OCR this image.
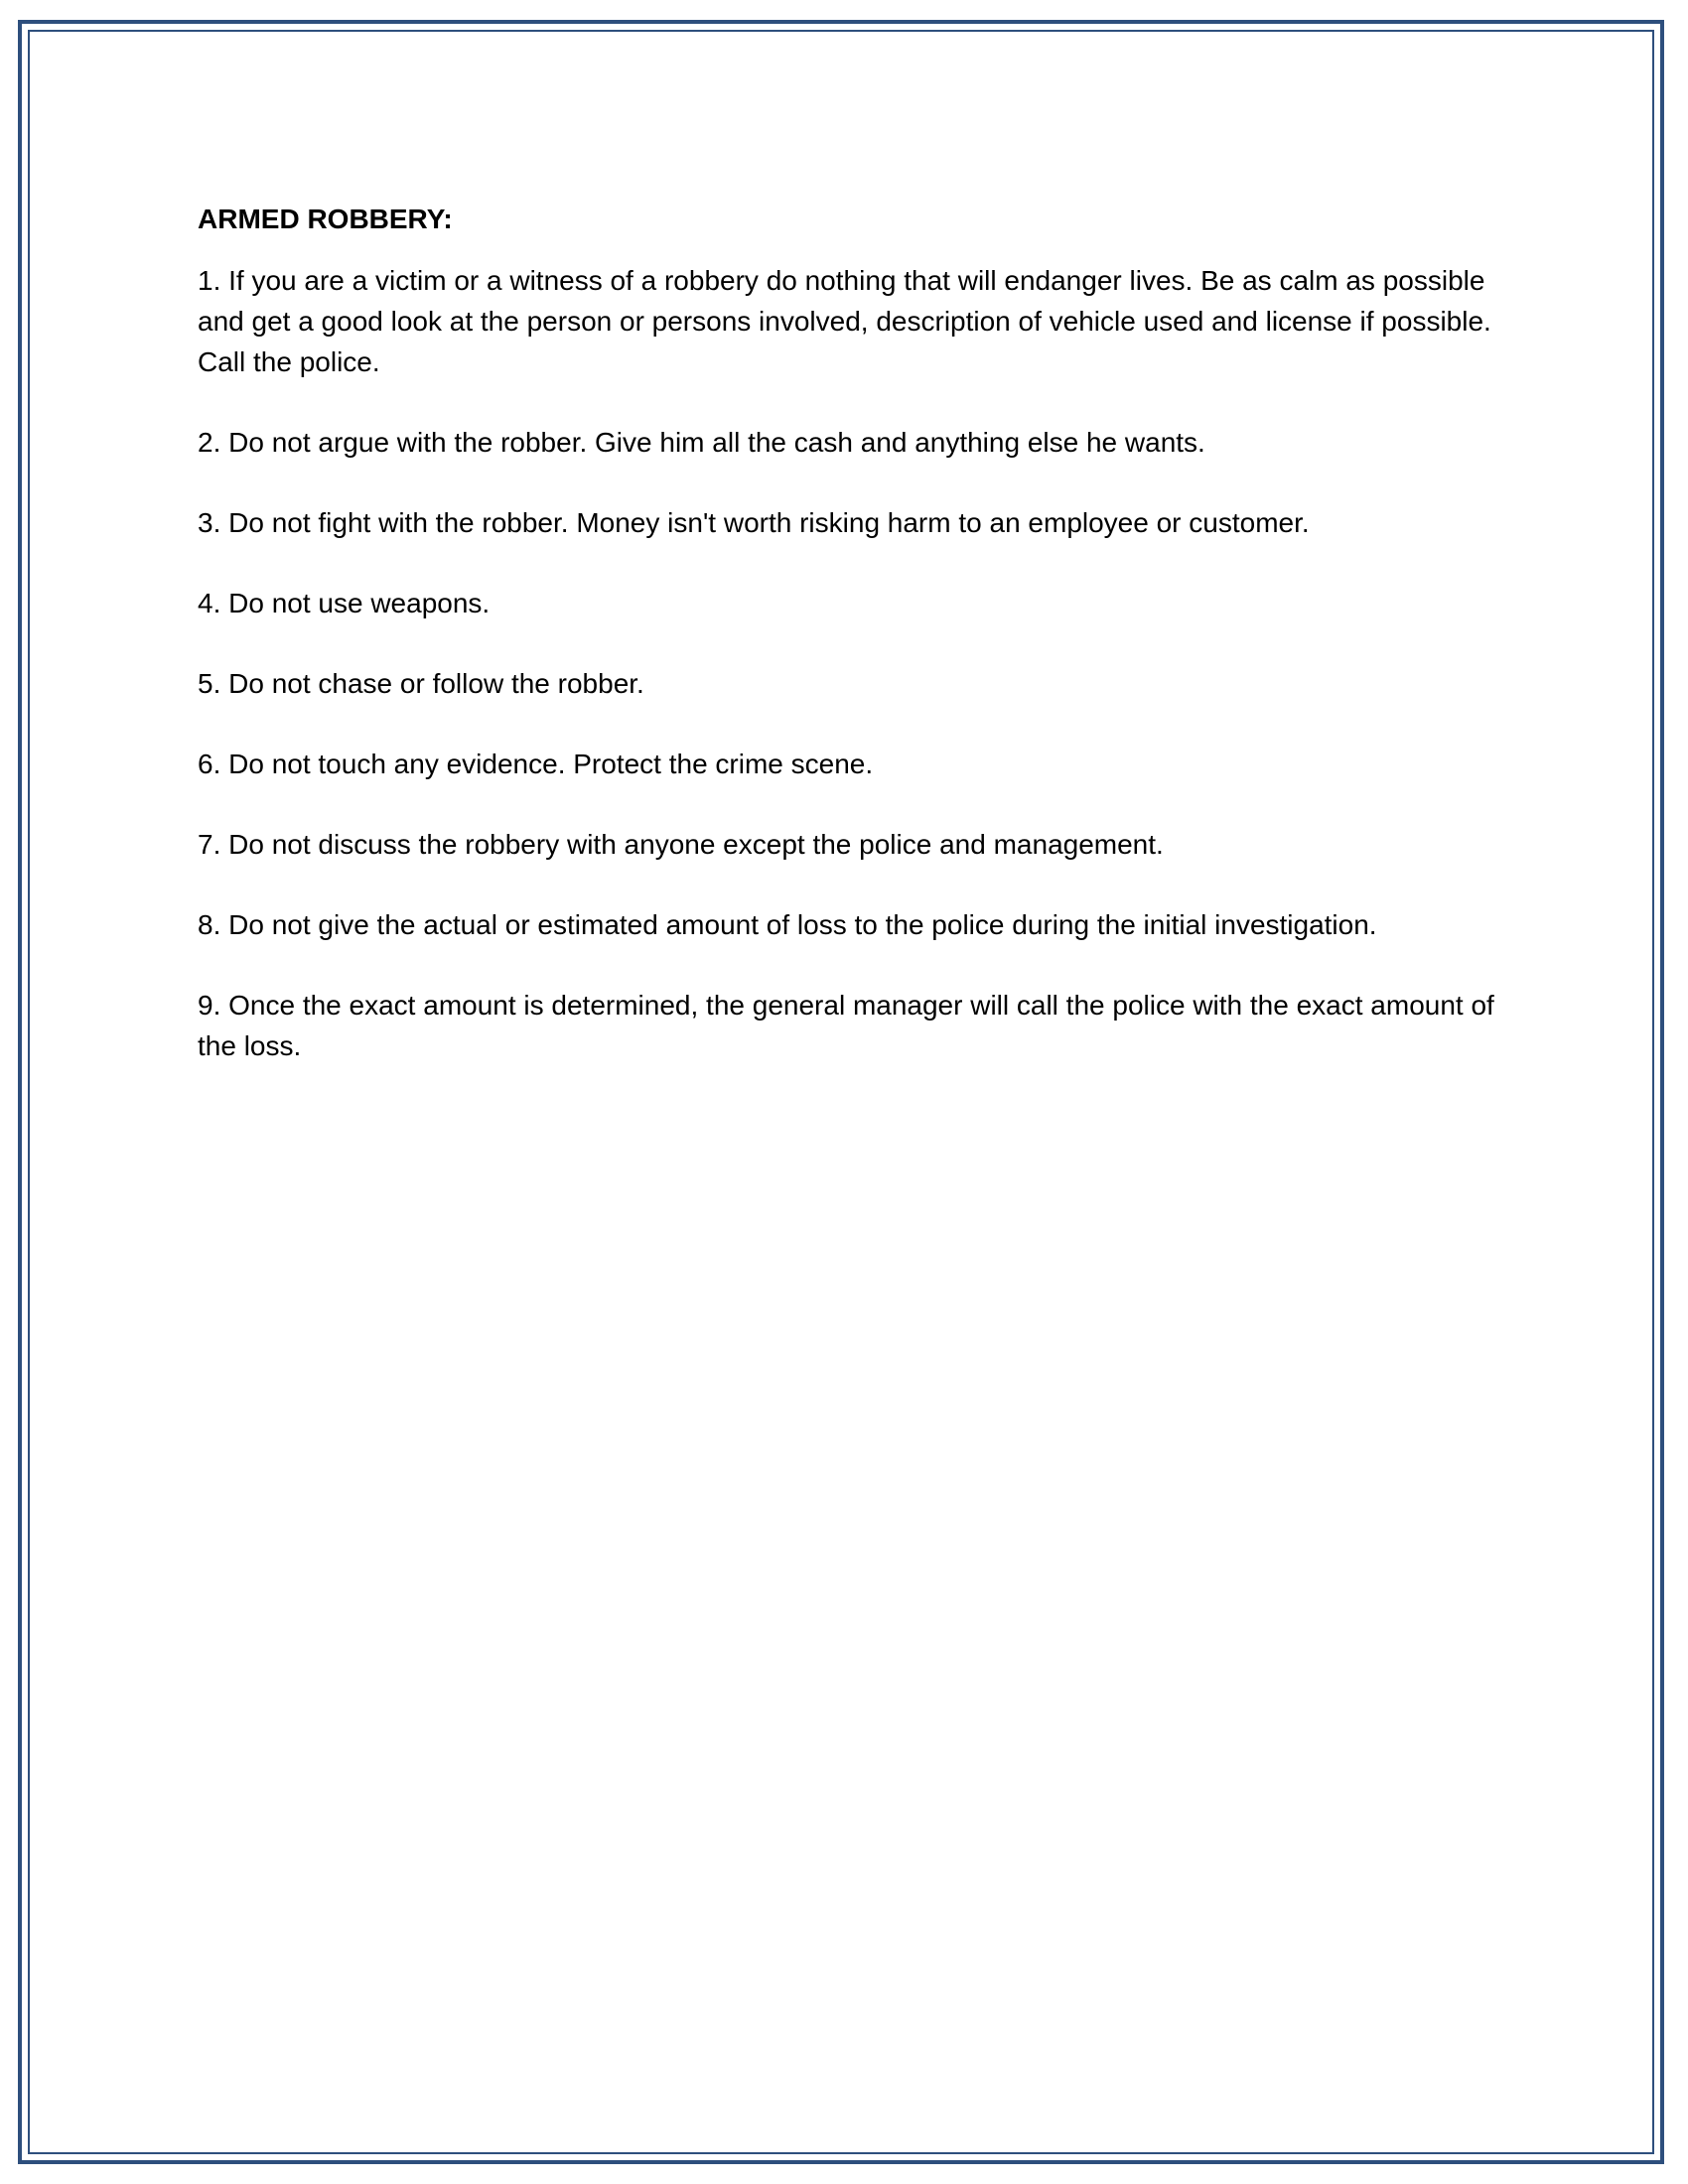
ARMED ROBBERY:

1. If you are a victim or a witness of a robbery do nothing that will endanger lives. Be as calm as possible and get a good look at the person or persons involved, description of vehicle used and license if possible. Call the police.

2. Do not argue with the robber. Give him all the cash and anything else he wants.

3. Do not fight with the robber. Money isn't worth risking harm to an employee or customer.

4. Do not use weapons.

5. Do not chase or follow the robber.

6. Do not touch any evidence. Protect the crime scene.

7. Do not discuss the robbery with anyone except the police and management.

8. Do not give the actual or estimated amount of loss to the police during the initial investigation.

9. Once the exact amount is determined, the general manager will call the police with the exact amount of the loss.
